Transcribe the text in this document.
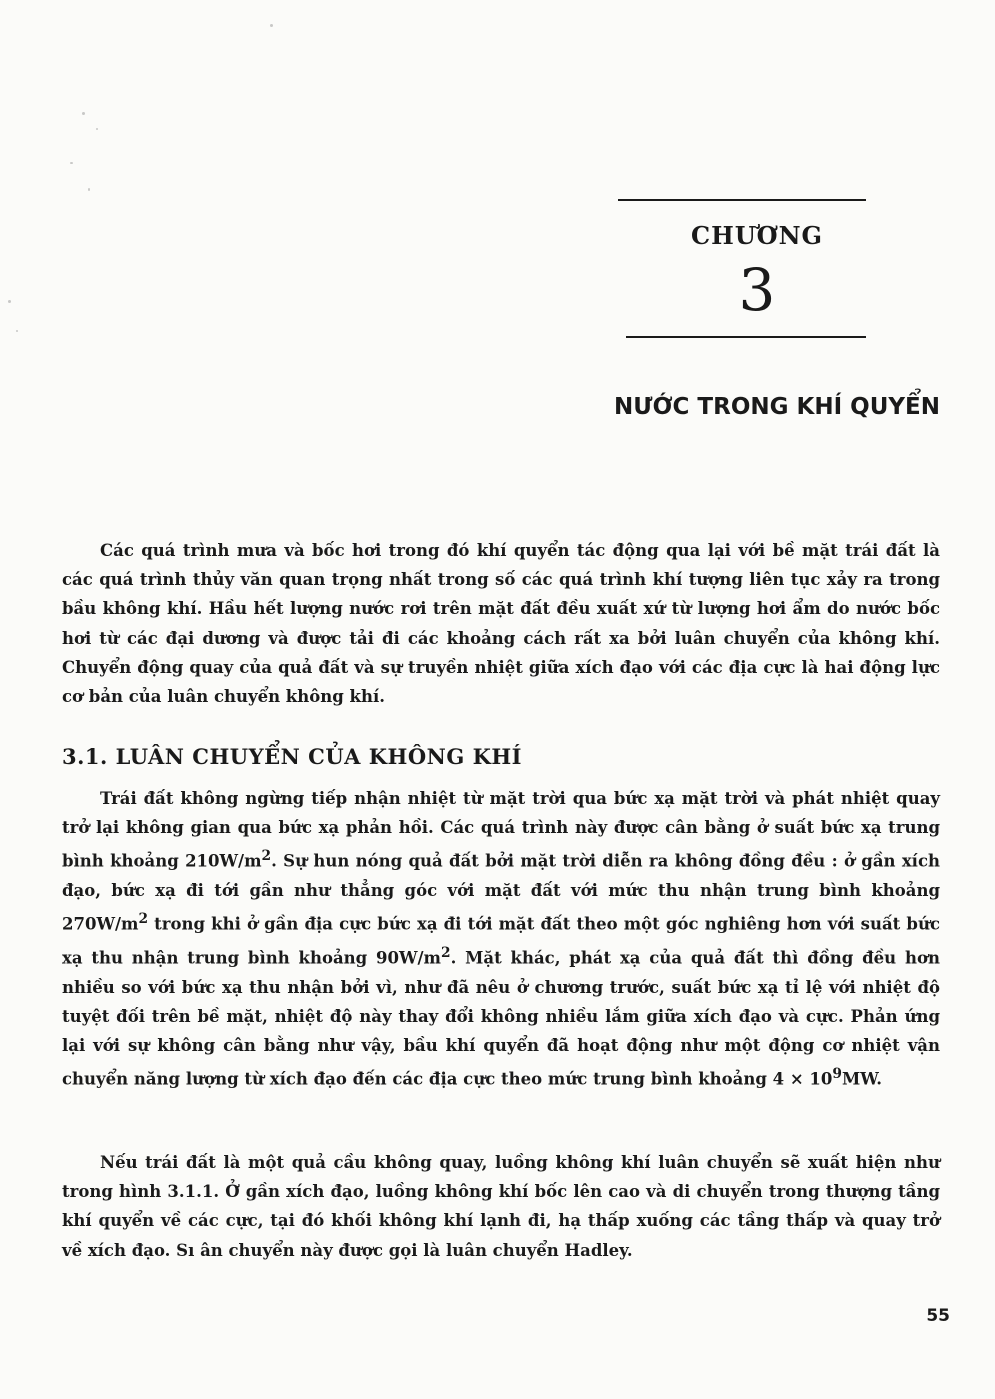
CHƯƠNG
3
NƯỚC TRONG KHÍ QUYỂN

Các quá trình mưa và bốc hơi trong đó khí quyển tác động qua lại với bề mặt trái đất là các quá trình thủy văn quan trọng nhất trong số các quá trình khí tượng liên tục xảy ra trong bầu không khí. Hầu hết lượng nước rơi trên mặt đất đều xuất xứ từ lượng hơi ẩm do nước bốc hơi từ các đại dương và được tải đi các khoảng cách rất xa bởi luân chuyển của không khí. Chuyển động quay của quả đất và sự truyền nhiệt giữa xích đạo với các địa cực là hai động lực cơ bản của luân chuyển không khí.

3.1. LUÂN CHUYỂN CỦA KHÔNG KHÍ

Trái đất không ngừng tiếp nhận nhiệt từ mặt trời qua bức xạ mặt trời và phát nhiệt quay trở lại không gian qua bức xạ phản hồi. Các quá trình này được cân bằng ở suất bức xạ trung bình khoảng $210W/m^2$. Sự hun nóng quả đất bởi mặt trời diễn ra không đồng đều : ở gần xích đạo, bức xạ đi tới gần như thẳng góc với mặt đất với mức thu nhận trung bình khoảng $270W/m^2$ trong khi ở gần địa cực bức xạ đi tới mặt đất theo một góc nghiêng hơn với suất bức xạ thu nhận trung bình khoảng $90W/m^2$. Mặt khác, phát xạ của quả đất thì đồng đều hơn nhiều so với bức xạ thu nhận bởi vì, như đã nêu ở chương trước, suất bức xạ tỉ lệ với nhiệt độ tuyệt đối trên bề mặt, nhiệt độ này thay đổi không nhiều lắm giữa xích đạo và cực. Phản ứng lại với sự không cân bằng như vậy, bầu khí quyển đã hoạt động như một động cơ nhiệt vận chuyển năng lượng từ xích đạo đến các địa cực theo mức trung bình khoảng $4 \times 10^9MW$.

Nếu trái đất là một quả cầu không quay, luồng không khí luân chuyển sẽ xuất hiện như trong hình 3.1.1. Ở gần xích đạo, luồng không khí bốc lên cao và di chuyển trong thượng tầng khí quyển về các cực, tại đó khối không khí lạnh đi, hạ thấp xuống các tầng thấp và quay trở về xích đạo. Sı ân chuyển này được gọi là luân chuyển Hadley.

55
